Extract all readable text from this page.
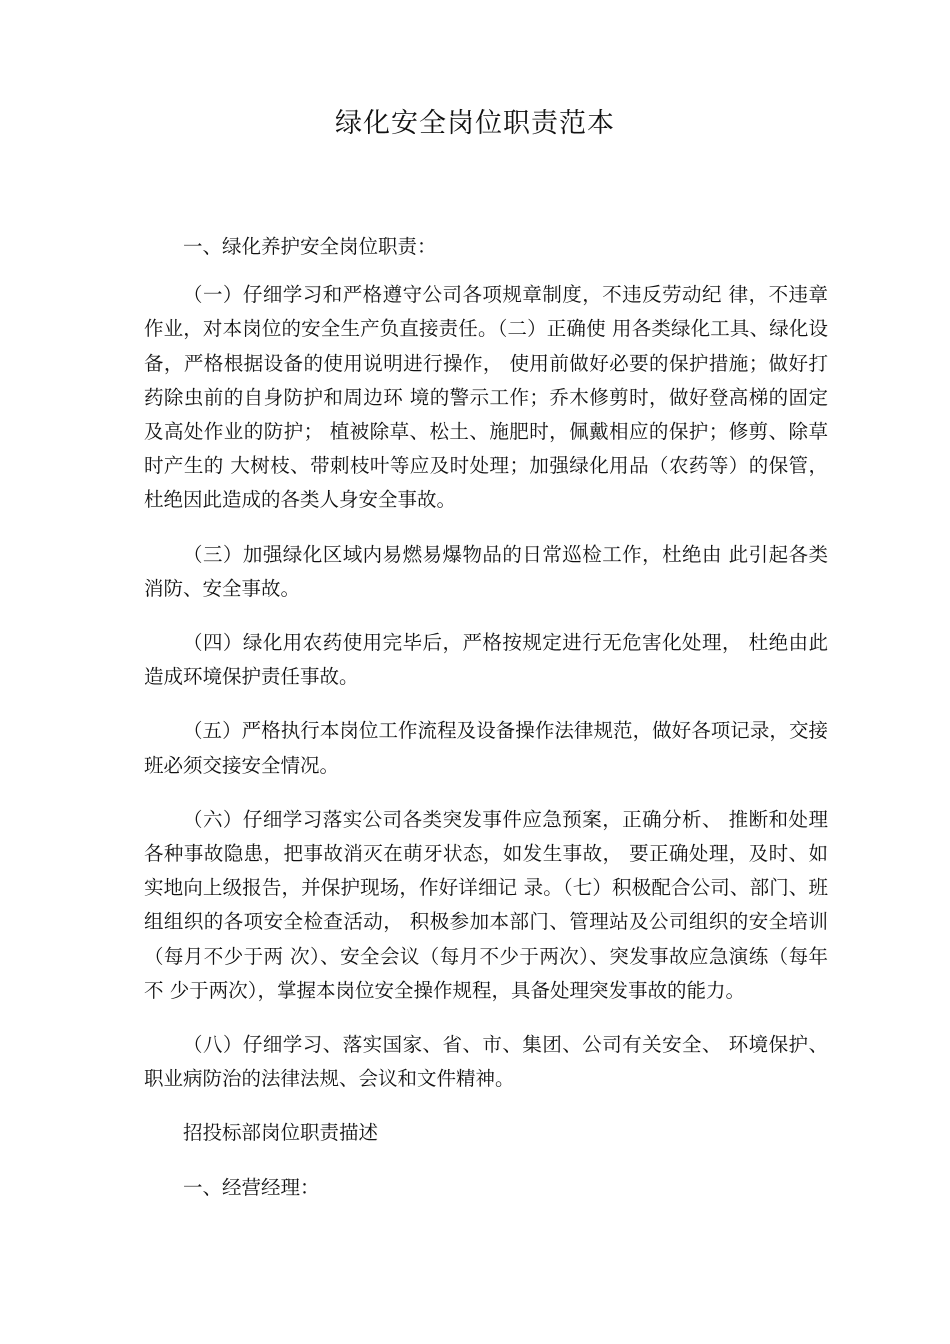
绿化安全岗位职责范本

一、绿化养护安全岗位职责：

（一）仔细学习和严格遵守公司各项规章制度，不违反劳动纪 律，不违章作业，对本岗位的安全生产负直接责任。（二）正确使 用各类绿化工具、绿化设备，严格根据设备的使用说明进行操作， 使用前做好必要的保护措施；做好打药除虫前的自身防护和周边环 境的警示工作；乔木修剪时，做好登高梯的固定及高处作业的防护； 植被除草、松土、施肥时，佩戴相应的保护；修剪、除草时产生的 大树枝、带刺枝叶等应及时处理；加强绿化用品（农药等）的保管， 杜绝因此造成的各类人身安全事故。

（三）加强绿化区域内易燃易爆物品的日常巡检工作，杜绝由 此引起各类消防、安全事故。

（四）绿化用农药使用完毕后，严格按规定进行无危害化处理， 杜绝由此造成环境保护责任事故。

（五）严格执行本岗位工作流程及设备操作法律规范，做好各项记录，交接班必须交接安全情况。

（六）仔细学习落实公司各类突发事件应急预案，正确分析、 推断和处理各种事故隐患，把事故消灭在萌牙状态，如发生事故， 要正确处理，及时、如实地向上级报告，并保护现场，作好详细记 录。（七）积极配合公司、部门、班组组织的各项安全检查活动， 积极参加本部门、管理站及公司组织的安全培训（每月不少于两 次）、安全会议（每月不少于两次）、突发事故应急演练（每年不 少于两次），掌握本岗位安全操作规程，具备处理突发事故的能力。

（八）仔细学习、落实国家、省、市、集团、公司有关安全、 环境保护、职业病防治的法律法规、会议和文件精神。

招投标部岗位职责描述

一、经营经理：
